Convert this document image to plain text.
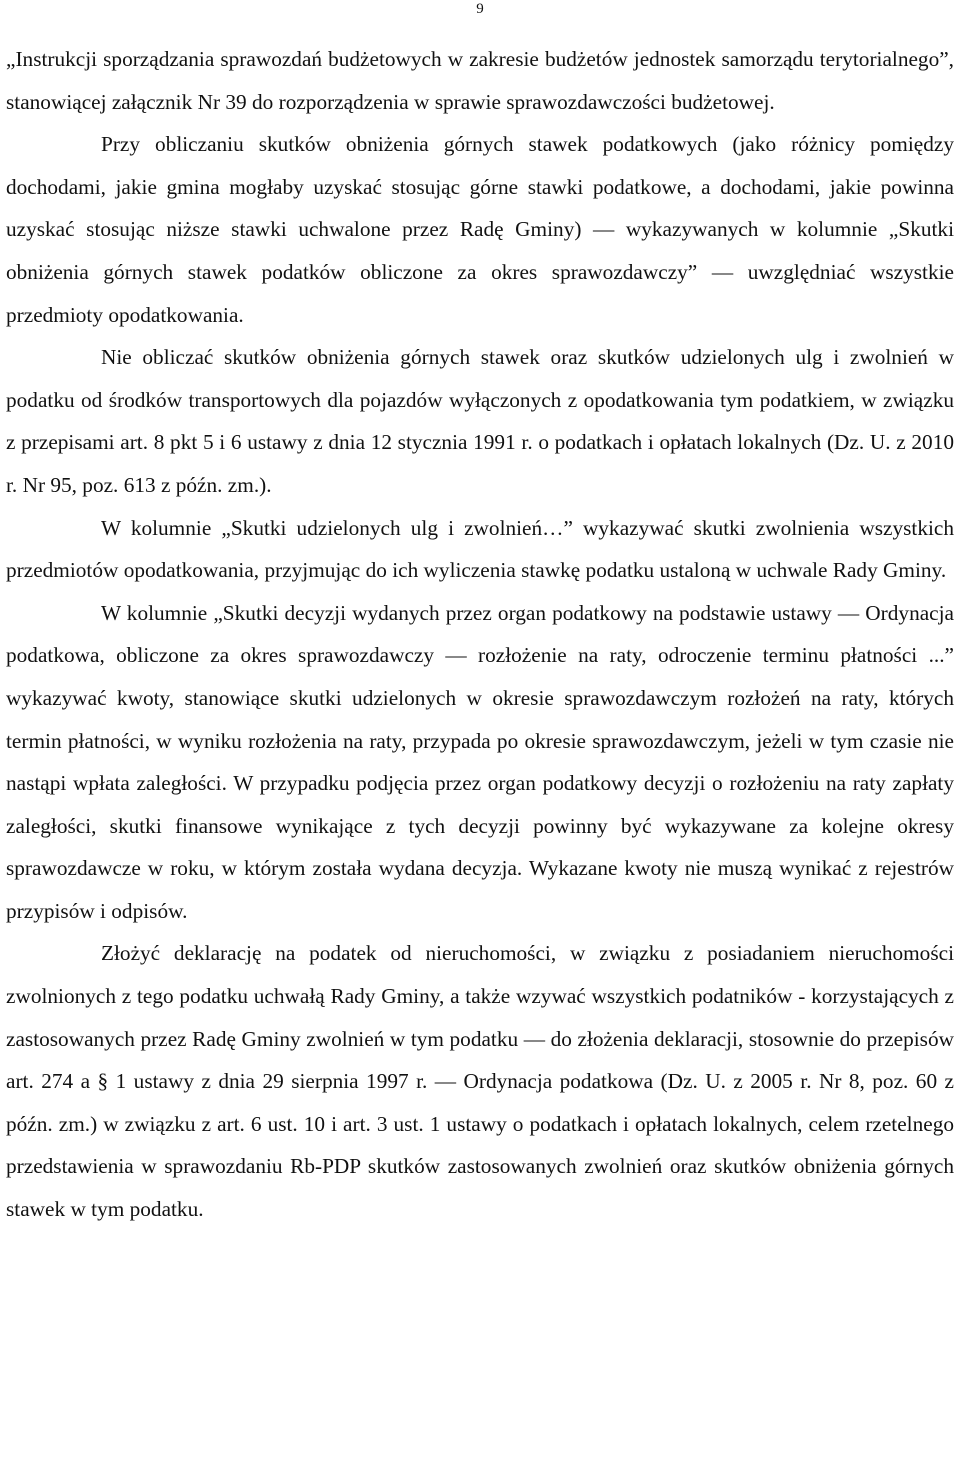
9

„Instrukcji sporządzania sprawozdań budżetowych w zakresie budżetów jednostek samorządu terytorialnego”, stanowiącej załącznik Nr 39 do rozporządzenia w sprawie sprawozdawczości budżetowej.

Przy obliczaniu skutków obniżenia górnych stawek podatkowych (jako różnicy pomiędzy dochodami, jakie gmina mogłaby uzyskać stosując górne stawki podatkowe, a dochodami, jakie powinna uzyskać stosując niższe stawki uchwalone przez Radę Gminy) — wykazywanych w kolumnie „Skutki obniżenia górnych stawek podatków obliczone za okres sprawozdawczy” — uwzględniać wszystkie przedmioty opodatkowania.

Nie obliczać skutków obniżenia górnych stawek oraz skutków udzielonych ulg i zwolnień w podatku od środków transportowych dla pojazdów wyłączonych z opodatkowania tym podatkiem, w związku z przepisami art. 8 pkt 5 i 6 ustawy z dnia 12 stycznia 1991 r. o podatkach i opłatach lokalnych (Dz. U. z 2010 r. Nr 95, poz. 613 z późn. zm.).

W kolumnie „Skutki udzielonych ulg i zwolnień…” wykazywać skutki zwolnienia wszystkich przedmiotów opodatkowania, przyjmując do ich wyliczenia stawkę podatku ustaloną w uchwale Rady Gminy.

W kolumnie „Skutki decyzji wydanych przez organ podatkowy na podstawie ustawy — Ordynacja podatkowa, obliczone za okres sprawozdawczy — rozłożenie na raty, odroczenie terminu płatności ...” wykazywać kwoty, stanowiące skutki udzielonych w okresie sprawozdawczym rozłożeń na raty, których termin płatności, w wyniku rozłożenia na raty, przypada po okresie sprawozdawczym, jeżeli w tym czasie nie nastąpi wpłata zaległości. W przypadku podjęcia przez organ podatkowy decyzji o rozłożeniu na raty zapłaty zaległości, skutki finansowe wynikające z tych decyzji powinny być wykazywane za kolejne okresy sprawozdawcze w roku, w którym została wydana decyzja. Wykazane kwoty nie muszą wynikać z rejestrów przypisów i odpisów.

Złożyć deklarację na podatek od nieruchomości, w związku z posiadaniem nieruchomości zwolnionych z tego podatku uchwałą Rady Gminy, a także wzywać wszystkich podatników - korzystających z zastosowanych przez Radę Gminy zwolnień w tym podatku — do złożenia deklaracji, stosownie do przepisów art. 274 a § 1 ustawy z dnia 29 sierpnia 1997 r. — Ordynacja podatkowa (Dz. U. z 2005 r. Nr 8, poz. 60 z późn. zm.) w związku z art. 6 ust. 10 i art. 3 ust. 1 ustawy o podatkach i opłatach lokalnych, celem rzetelnego przedstawienia w sprawozdaniu Rb-PDP skutków zastosowanych zwolnień oraz skutków obniżenia górnych stawek w tym podatku.
